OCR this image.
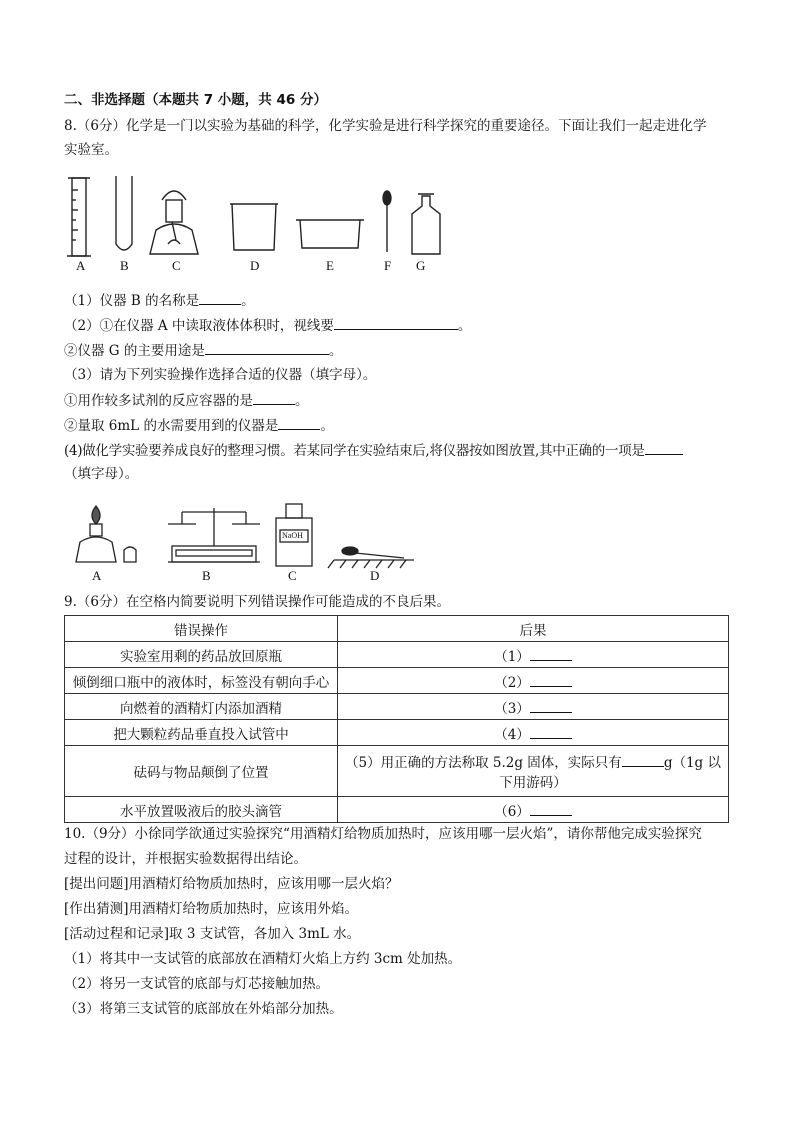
二、非选择题（本题共 7 小题，共 46 分）
8.（6分）化学是一门以实验为基础的科学，化学实验是进行科学探究的重要途径。下面让我们一起走进化学
实验室。
A	B	C	D	E	F G
（1）仪器 B 的名称是	。
（2）①在仪器 A 中读取液体体积时，视线要	。
②仪器 G 的主要用途是	。
（3）请为下列实验操作选择合适的仪器（填字母）。
①用作较多试剂的反应容器的是	。
②量取 6mL 的水需要用到的仪器是	。
(4)做化学实验要养成良好的整理习惯。若某同学在实验结束后,将仪器按如图放置,其中正确的一项是
（填字母）。
NaOH
A	B	C	D
9.（6分）在空格内简要说明下列错误操作可能造成的不良后果。
错误操作	后果
实验室用剩的药品放回原瓶	（1）
倾倒细口瓶中的液体时，标签没有朝向手心	（2）
向燃着的酒精灯内添加酒精	（3）
把大颗粒药品垂直投入试管中	（4）
砝码与物品颠倒了位置	（5）用正确的方法称取 5.2g 固体，实际只有 g（1g 以
下用游码）
水平放置吸液后的胶头滴管	（6）
10.（9分）小徐同学欲通过实验探究“用酒精灯给物质加热时，应该用哪一层火焰”，请你帮他完成实验探究
过程的设计，并根据实验数据得出结论。
[提出问题]用酒精灯给物质加热时，应该用哪一层火焰？
[作出猜测]用酒精灯给物质加热时，应该用外焰。
[活动过程和记录]取 3 支试管，各加入 3mL 水。
（1）将其中一支试管的底部放在酒精灯火焰上方约 3cm 处加热。
（2）将另一支试管的底部与灯芯接触加热。
（3）将第三支试管的底部放在外焰部分加热。
